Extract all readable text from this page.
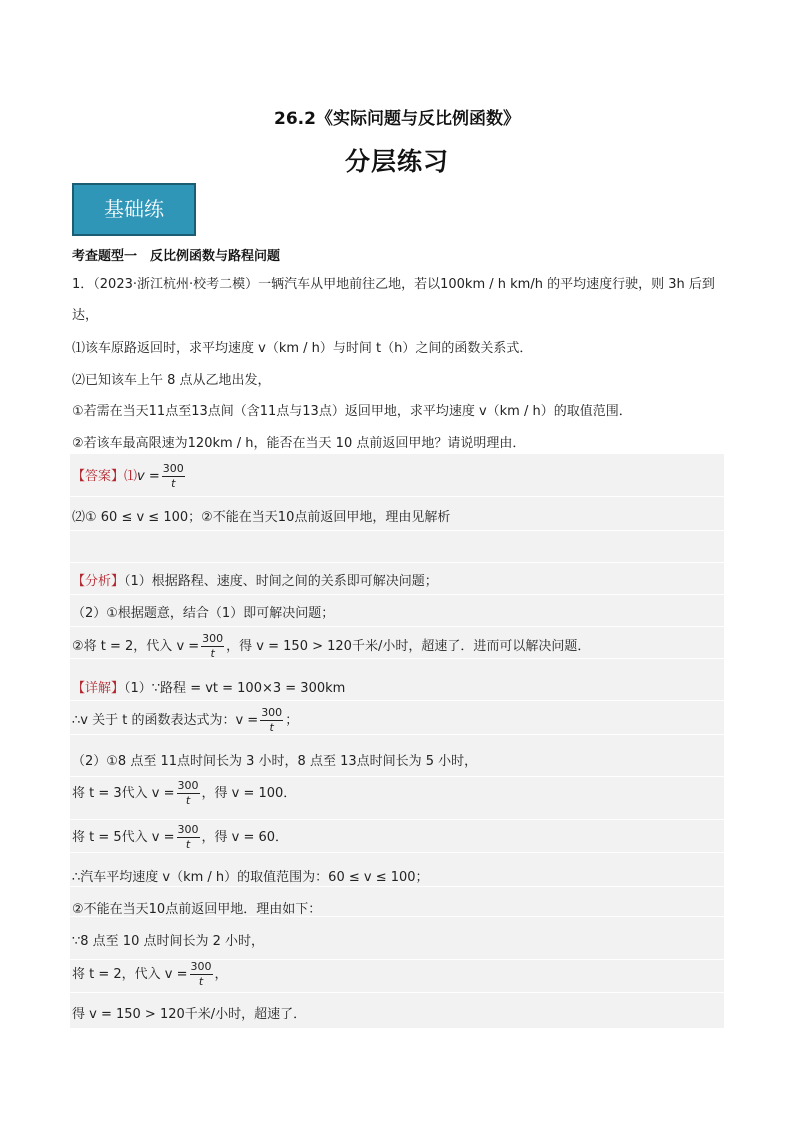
26.2《实际问题与反比例函数》
分层练习
基础练
考查题型一　反比例函数与路程问题
1．（2023·浙江杭州·校考二模）一辆汽车从甲地前往乙地，若以100km / h km/h 的平均速度行驶，则 3h 后到
达，
⑴该车原路返回时，求平均速度 v（km / h）与时间 t（h）之间的函数关系式．
⑵已知该车上午 8 点从乙地出发，
①若需在当天11点至13点间（含11点与13点）返回甲地，求平均速度 v（km / h）的取值范围．
②若该车最高限速为120km / h，能否在当天 10 点前返回甲地？请说明理由．
【答案】⑴v = $\frac{300}{t}$
⑵① 60 ≤ v ≤ 100；②不能在当天10点前返回甲地，理由见解析
【分析】（1）根据路程、速度、时间之间的关系即可解决问题；
（2）①根据题意，结合（1）即可解决问题；
②将 t = 2，代入 $v = \frac{300}{t}$ ，得 v = 150 > 120千米/小时，超速了．进而可以解决问题．
【详解】（1）∵路程 = vt = 100×3 = 300km
∴v 关于 t 的函数表达式为：$v = \frac{300}{t}$ ；
（2）①8 点至 11点时间长为 3 小时，8 点至 13点时间长为 5 小时，
将 t = 3代入 $v = \frac{300}{t}$ ，得 v = 100．
将 t = 5代入 $v = \frac{300}{t}$ ，得 v = 60．
∴汽车平均速度 v（km / h）的取值范围为：60 ≤ v ≤ 100；
②不能在当天10点前返回甲地．理由如下：
∵8 点至 10 点时间长为 2 小时，
将 t = 2，代入 $v = \frac{300}{t}$ ，
得 v = 150 > 120千米/小时，超速了．
